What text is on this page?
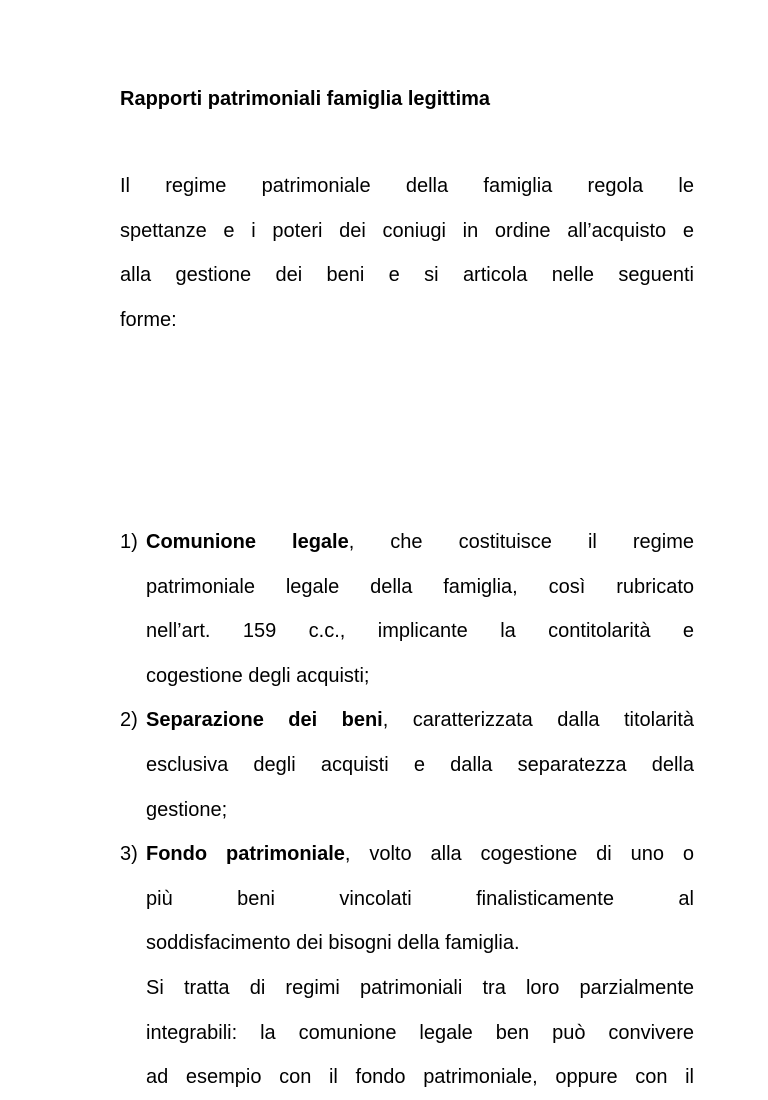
Rapporti patrimoniali famiglia legittima
Il regime patrimoniale della famiglia regola le
spettanze e i poteri dei coniugi in ordine all’acquisto e
alla gestione dei beni e si articola nelle seguenti
forme:
1) Comunione legale, che costituisce il regime
patrimoniale legale della famiglia, così rubricato
nell’art. 159 c.c., implicante la contitolarità e
cogestione degli acquisti;
2) Separazione dei beni, caratterizzata dalla titolarità
esclusiva degli acquisti e dalla separatezza della
gestione;
3) Fondo patrimoniale, volto alla cogestione di uno o
più beni vincolati finalisticamente al
soddisfacimento dei bisogni della famiglia.
Si tratta di regimi patrimoniali tra loro parzialmente
integrabili: la comunione legale ben può convivere
ad esempio con il fondo patrimoniale, oppure con il
